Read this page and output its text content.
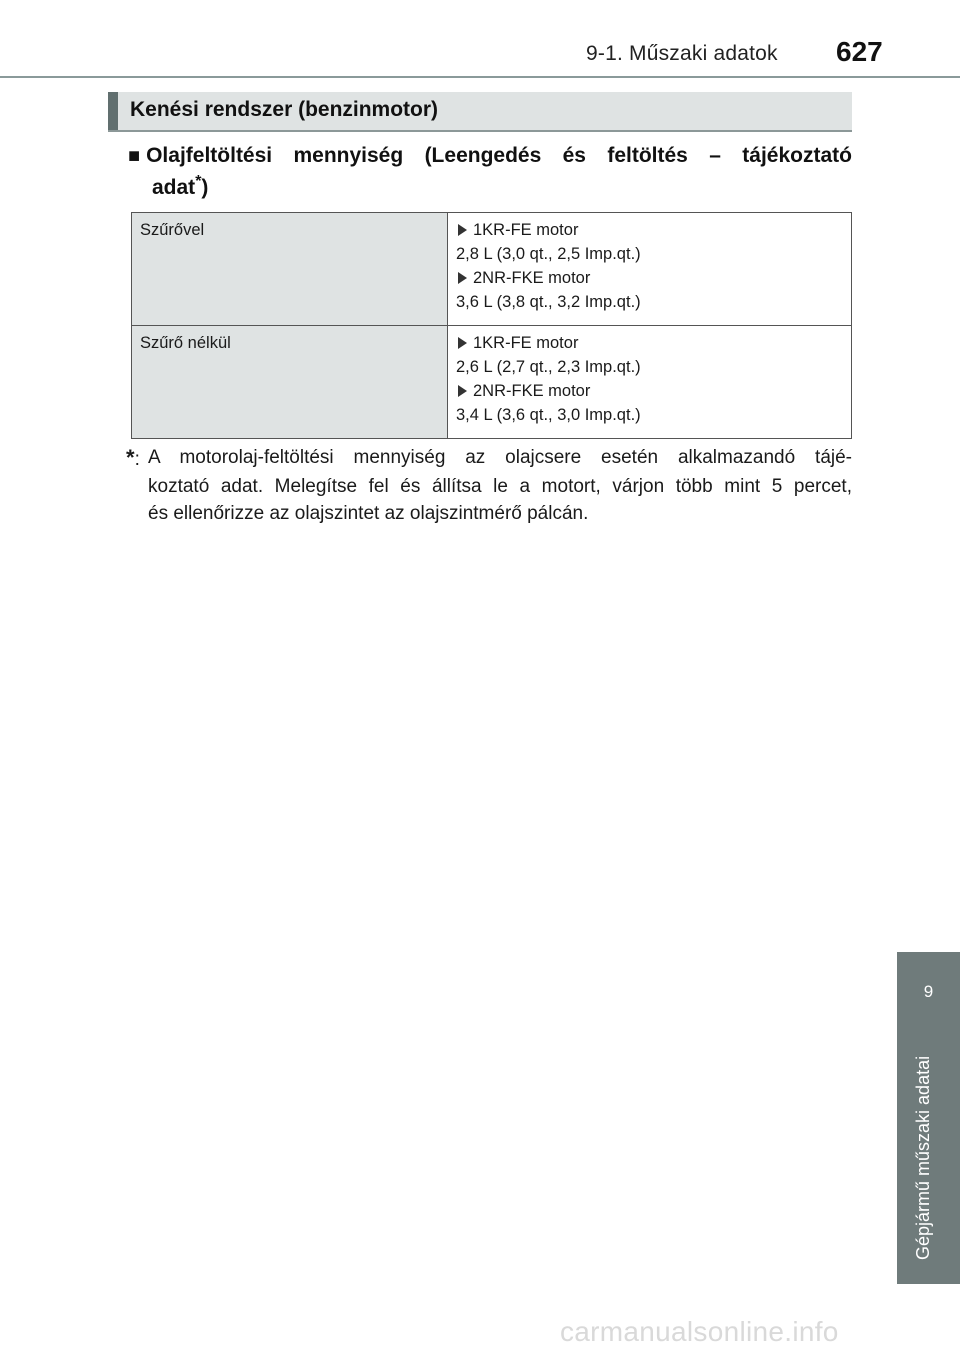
9-1. Műszaki adatok 627
Kenési rendszer (benzinmotor)
■ Olajfeltöltési mennyiség (Leengedés és feltöltés – tájékoztató
adat*)
Szűrővel	1KR-FE motor
2,8 L (3,0 qt., 2,5 Imp.qt.)
2NR-FKE motor
3,6 L (3,8 qt., 3,2 Imp.qt.)

Szűrő nélkül	1KR-FE motor
2,6 L (2,7 qt., 2,3 Imp.qt.)
2NR-FKE motor
3,4 L (3,6 qt., 3,0 Imp.qt.)
*: A motorolaj-feltöltési mennyiség az olajcsere esetén alkalmazandó tájé-
koztató adat. Melegítse fel és állítsa le a motort, várjon több mint 5 percet,
és ellenőrizze az olajszintet az olajszintmérő pálcán.
9
Gépjármű műszaki adatai
carmanualsonline.info
